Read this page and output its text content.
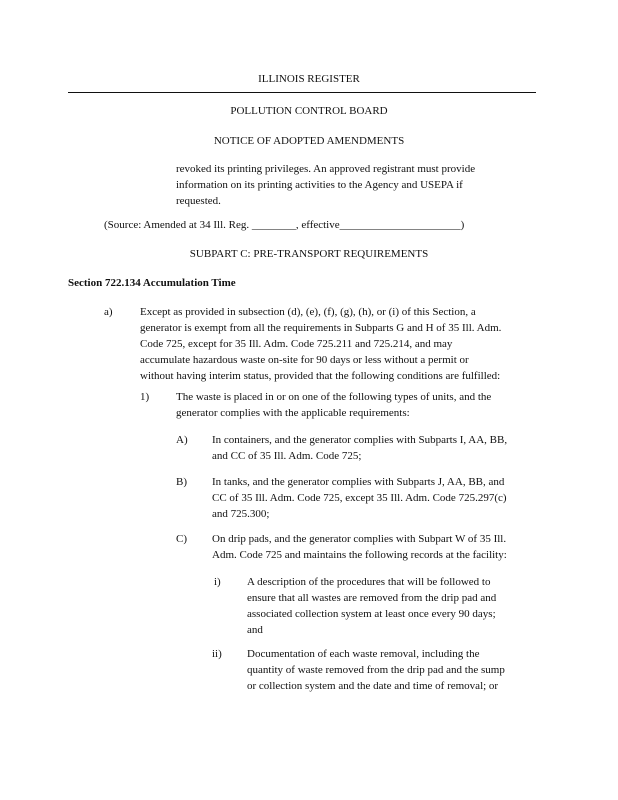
ILLINOIS REGISTER
POLLUTION CONTROL BOARD
NOTICE OF ADOPTED AMENDMENTS
revoked its printing privileges. An approved registrant must provide
information on its printing activities to the Agency and USEPA if
requested.
(Source: Amended at 34 Ill. Reg. ________, effective______________________)
SUBPART C: PRE-TRANSPORT REQUIREMENTS
Section 722.134 Accumulation Time
a) Except as provided in subsection (d), (e), (f), (g), (h), or (i) of this Section, a
generator is exempt from all the requirements in Subparts G and H of 35 Ill. Adm.
Code 725, except for 35 Ill. Adm. Code 725.211 and 725.214, and may
accumulate hazardous waste on-site for 90 days or less without a permit or
without having interim status, provided that the following conditions are fulfilled:
1) The waste is placed in or on one of the following types of units, and the
generator complies with the applicable requirements:
A) In containers, and the generator complies with Subparts I, AA, BB,
and CC of 35 Ill. Adm. Code 725;
B) In tanks, and the generator complies with Subparts J, AA, BB, and
CC of 35 Ill. Adm. Code 725, except 35 Ill. Adm. Code 725.297(c)
and 725.300;
C) On drip pads, and the generator complies with Subpart W of 35 Ill.
Adm. Code 725 and maintains the following records at the facility:
i) A description of the procedures that will be followed to
ensure that all wastes are removed from the drip pad and
associated collection system at least once every 90 days;
and
ii) Documentation of each waste removal, including the
quantity of waste removed from the drip pad and the sump
or collection system and the date and time of removal; or
